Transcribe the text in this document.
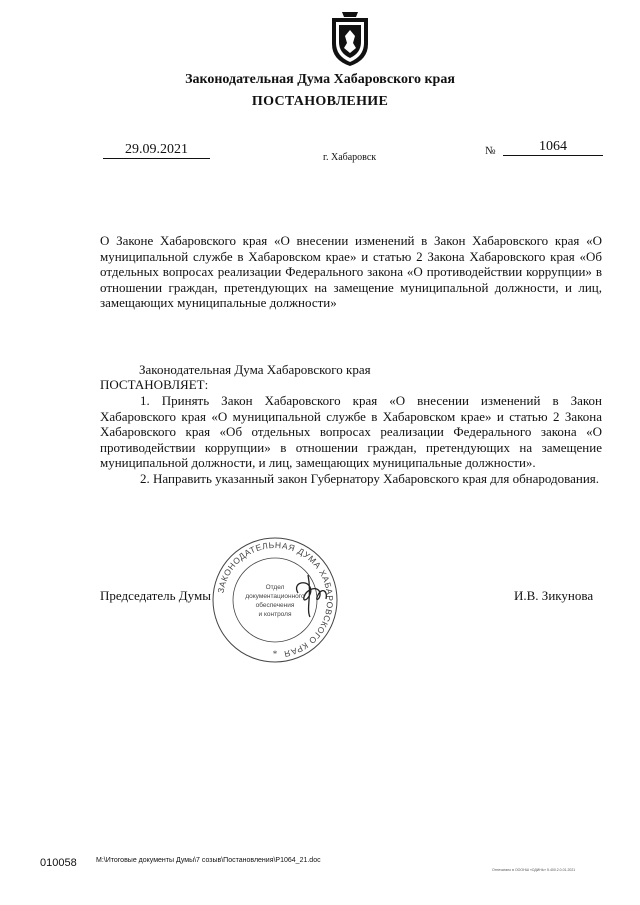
Законодательная Дума Хабаровского края
ПОСТАНОВЛЕНИЕ
29.09.2021
г. Хабаровск
№	1064
О Законе Хабаровского края «О внесении изменений в Закон Хабаровского края «О муниципальной службе в Хабаровском крае» и статью 2 Закона Хабаровского края «Об отдельных вопросах реализации Федерального закона «О противодействии коррупции» в отношении граждан, претендующих на замещение муниципальной должности, и лиц, замещающих муниципальные должности»
Законодательная Дума Хабаровского края
ПОСТАНОВЛЯЕТ:

1. Принять Закон Хабаровского края «О внесении изменений в Закон Хабаровского края «О муниципальной службе в Хабаровском крае» и статью 2 Закона Хабаровского края «Об отдельных вопросах реализации Федерального закона «О противодействии коррупции» в отношении граждан, претендующих на замещение муниципальной должности, и лиц, замещающих муниципальные должности».

2. Направить указанный закон Губернатору Хабаровского края для обнародования.

ЗАКОНОДАТЕЛЬНАЯ ДУМА ХАБАРОВСКОГО КРАЯ
Отдел
документационного
обеспечения
и контроля
*
Председатель Думы	И.В. Зикунова
010058	M:\Итоговые документы Думы\7 созыв\Постановления\Р1064_21.doc
Отпечатано в ОООНШ «ОДИНЬ» 5.400.2.0.01.2021
